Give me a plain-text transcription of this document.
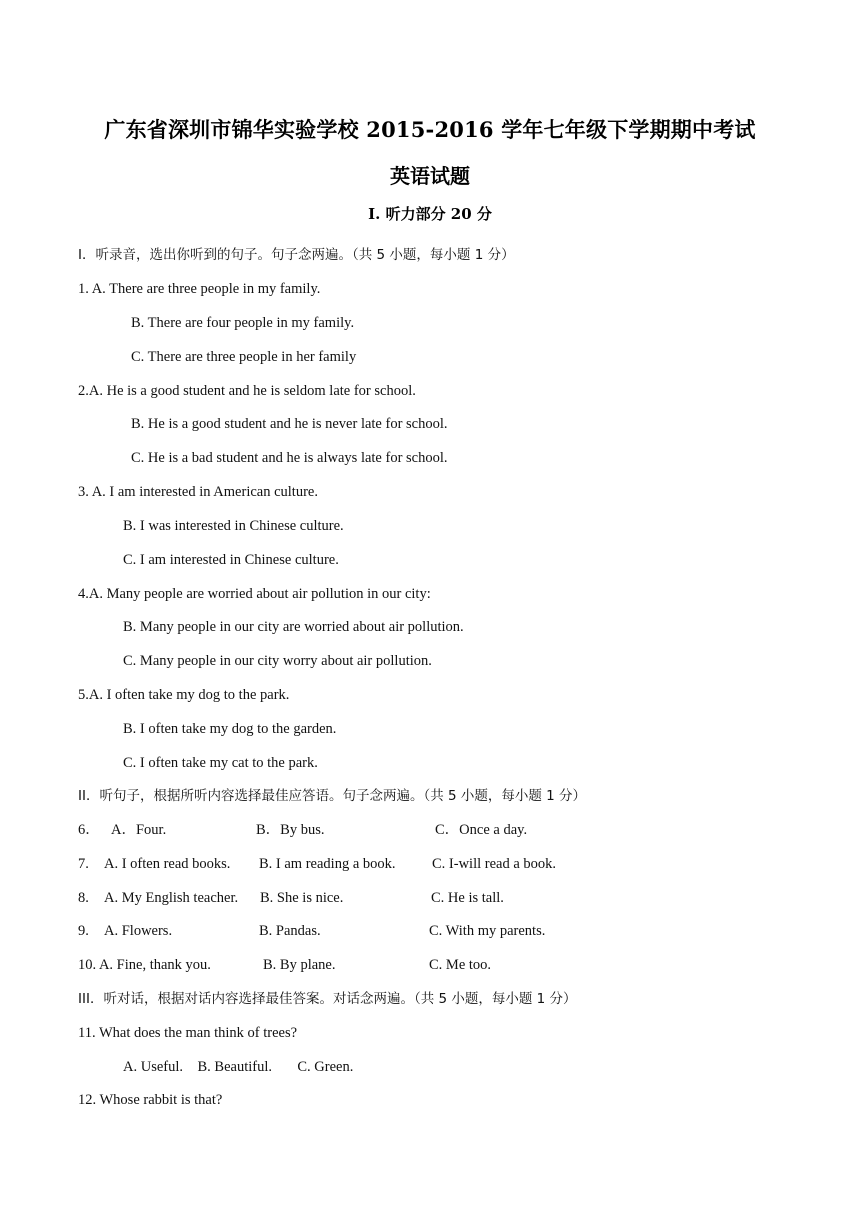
广东省深圳市锦华实验学校 2015-2016 学年七年级下学期期中考试
英语试题
I. 听力部分 20 分
Ⅰ．听录音，选出你听到的句子。句子念两遍。（共 5 小题，每小题 1 分）
1. A. There are three people in my family.
B. There are four people in my family.
C. There are three people in her family
2.A. He is a good student and he is seldom late for school.
B. He is a good student and he is never late for school.
C. He is a bad student and he is always late for school.
3. A. I am interested in American culture.
B. I was interested in Chinese culture.
C. I am interested in Chinese culture.
4.A. Many people are worried about air pollution in our city:
B. Many people in our city are worried about air pollution.
C. Many people in our city worry about air pollution.
5.A. I often take my dog to the park.
B. I often take my dog to the garden.
C. I often take my cat to the park.
II．听句子，根据所听内容选择最佳应答语。句子念两遍。（共 5 小题，每小题 1 分）
6． A．Four.	B．By bus.	C．Once a day.
7. A. I often read books. B. I am reading a book.	C. I-will read a book.
8. A. My English teacher. B. She is nice.	C. He is tall.
9. A. Flowers.	B. Pandas.	C. With my parents.
10. A. Fine, thank you.	B. By plane.	C. Me too.
III．听对话，根据对话内容选择最佳答案。对话念两遍。（共 5 小题，每小题 1 分）
11. What does the man think of trees?
A. Useful.    B. Beautiful.       C. Green.
12. Whose rabbit is that?
